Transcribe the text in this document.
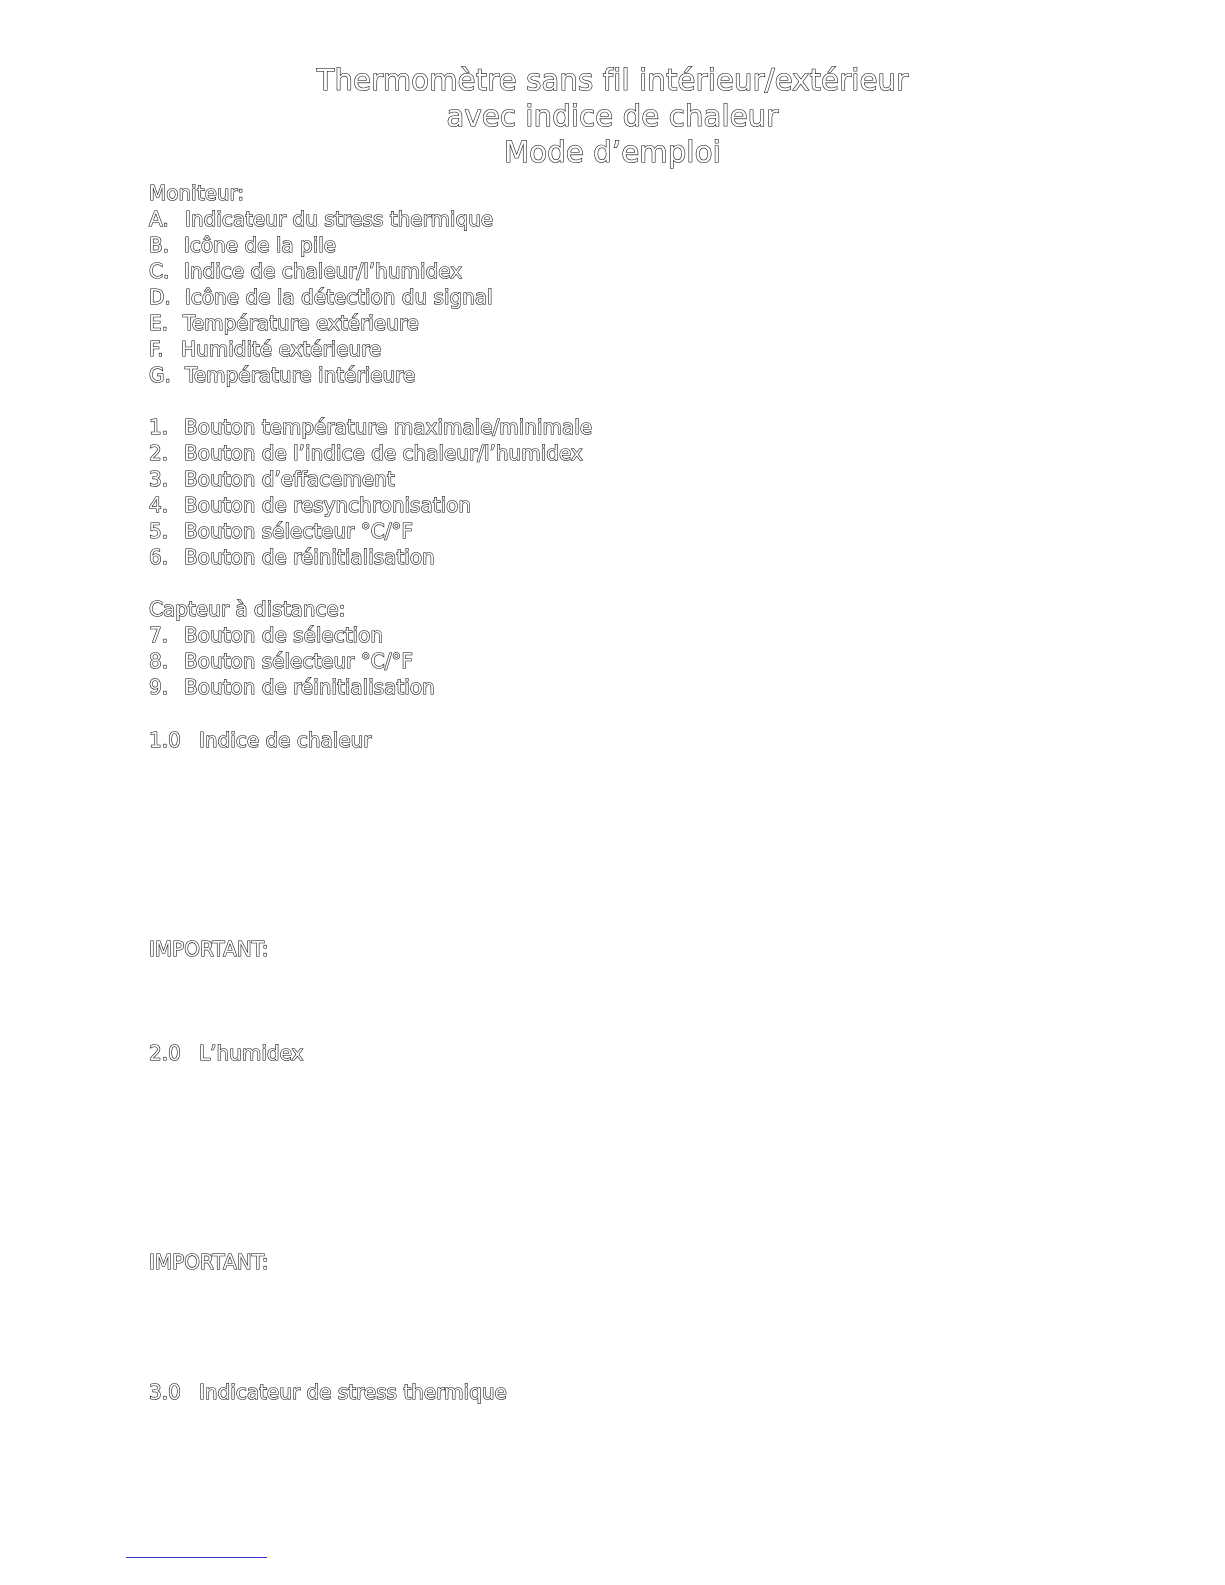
Thermomètre sans fil intérieur/extérieur
avec indice de chaleur
Mode d’emploi
Moniteur:
A. Indicateur du stress thermique
B. Icône de la pile
C. Indice de chaleur/l’humidex
D. Icône de la détection du signal
E. Température extérieure
F. Humidité extérieure
G. Température intérieure
1. Bouton température maximale/minimale
2. Bouton de l’indice de chaleur/l’humidex
3. Bouton d’effacement
4. Bouton de resynchronisation
5. Bouton sélecteur °C/°F
6. Bouton de réinitialisation
Capteur à distance:
7. Bouton de sélection
8. Bouton sélecteur °C/°F
9. Bouton de réinitialisation
1.0 Indice de chaleur
IMPORTANT:
2.0 L’humidex
IMPORTANT:
3.0 Indicateur de stress thermique
